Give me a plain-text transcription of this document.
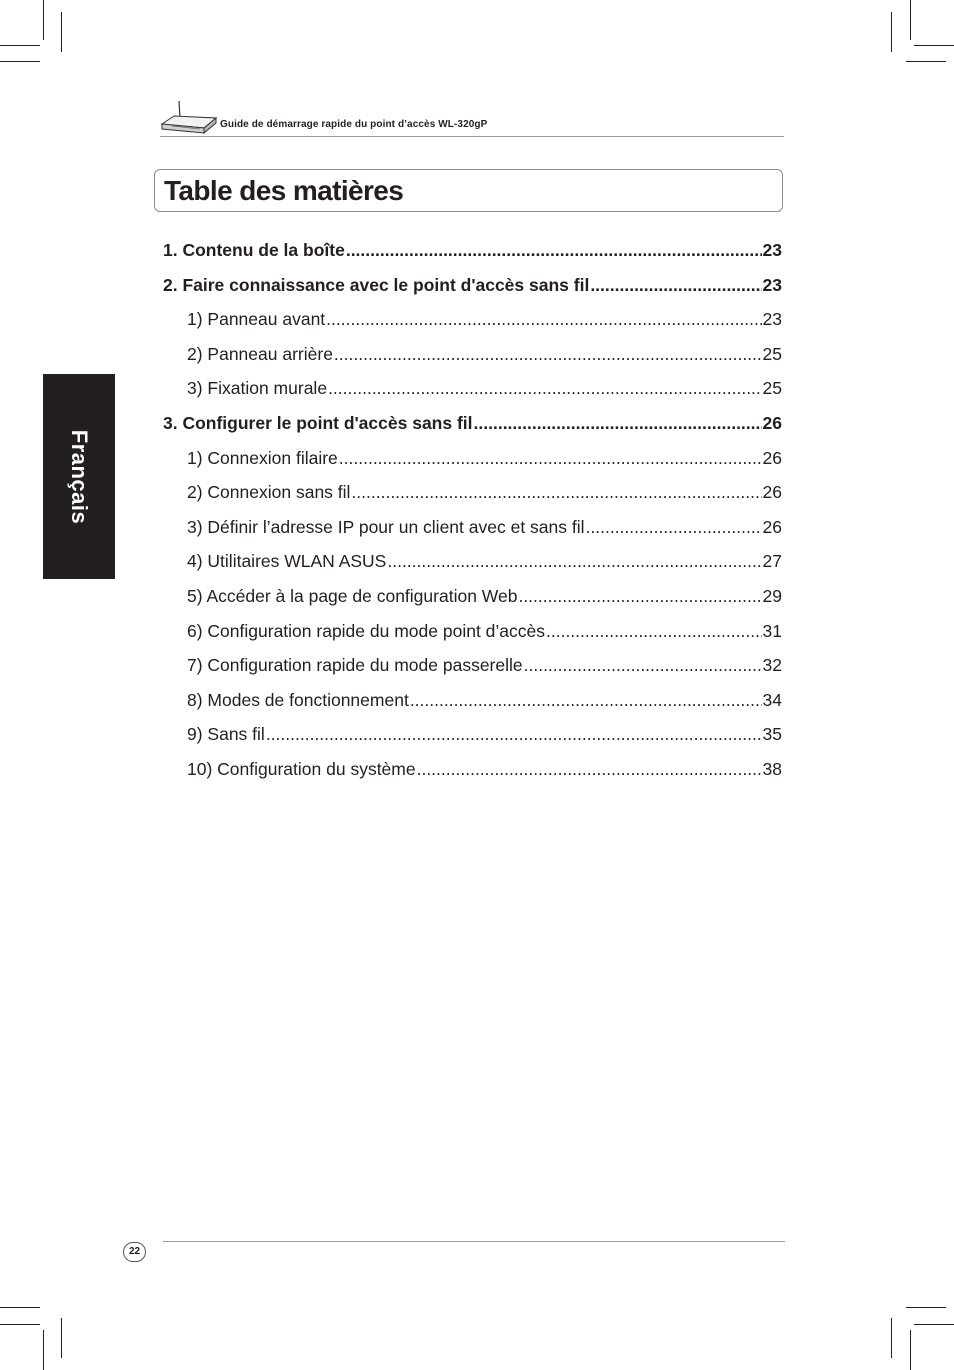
Guide de démarrage rapide du point d’accès WL-320gP
Table des matières
Français
1. Contenu de la boîte .....	23
2. Faire connaissance avec le point d'accès sans fil .....	23
1) Panneau avant .....	23
2) Panneau arrière .....	25
3) Fixation murale .....	25
3. Configurer le point d'accès sans fil .....	26
1) Connexion filaire .....	26
2) Connexion sans fil .....	26
3) Définir l’adresse IP pour un client avec et sans fil .....	26
4) Utilitaires WLAN ASUS .....	27
5) Accéder à la page de configuration Web .....	29
6) Configuration rapide du mode point d’accès .....	31
7) Configuration rapide du mode passerelle .....	32
8) Modes de fonctionnement .....	34
9) Sans fil .....	35
10) Configuration du système .....	38
22
